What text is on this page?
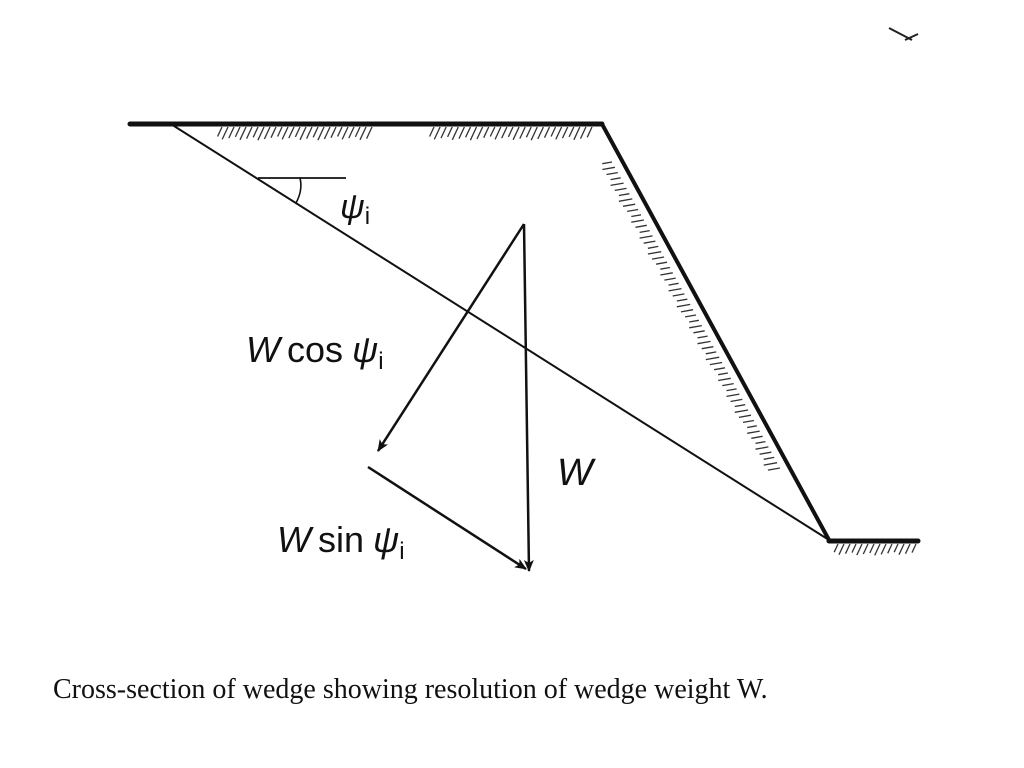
ψi
W cos ψi
W
W sin ψi

Cross-section of wedge showing resolution of wedge weight W.
